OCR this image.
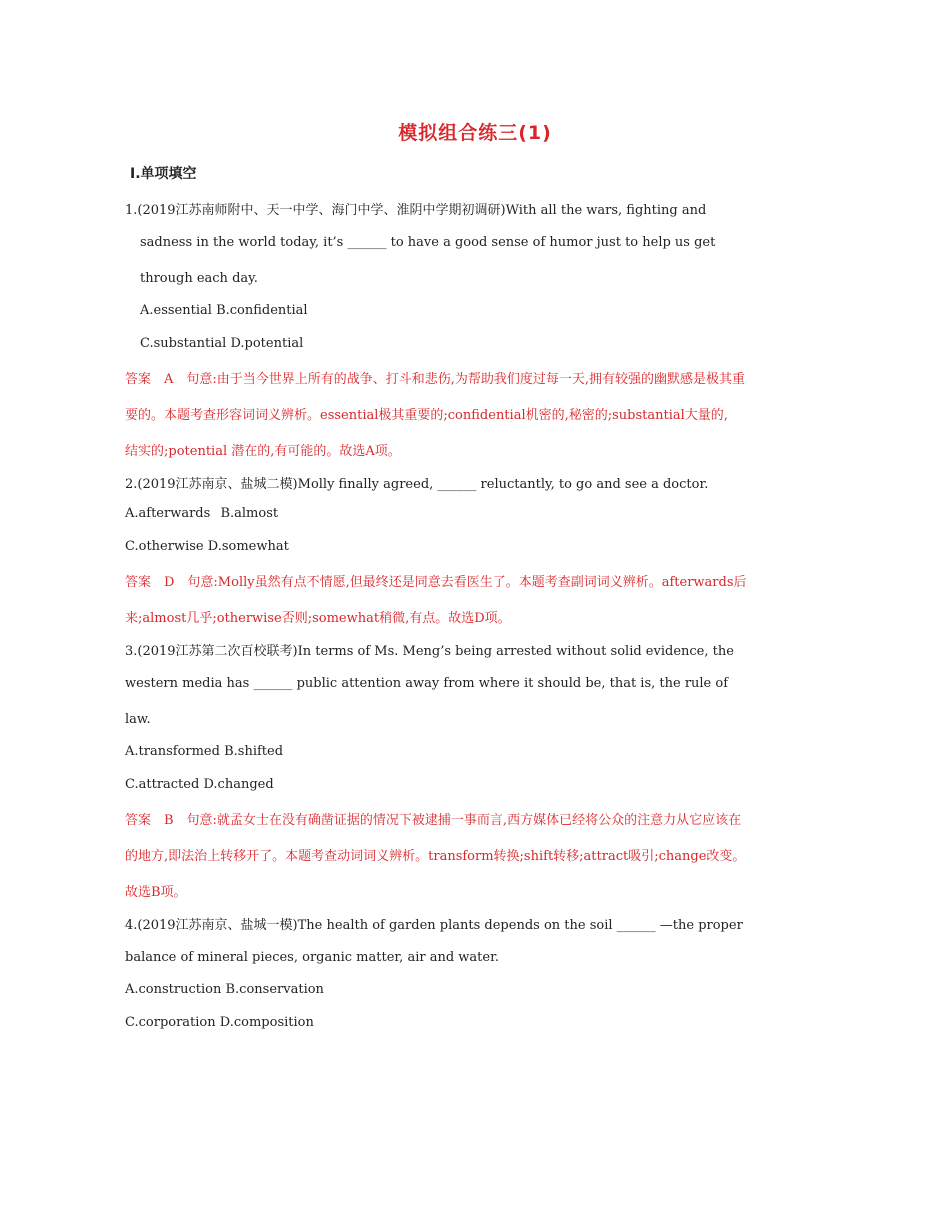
模拟组合练三(1)
Ⅰ.单项填空
1.(2019江苏南师附中、天一中学、海门中学、淮阴中学期初调研)With all the wars, fighting and
sadness in the world today, it’s ______ to have a good sense of humor just to help us get
through each day.
A.essential B.confidential
C.substantial D.potential
答案　A　句意:由于当今世界上所有的战争、打斗和悲伤,为帮助我们度过每一天,拥有较强的幽默感是极其重
要的。本题考查形容词词义辨析。essential极其重要的;confidential机密的,秘密的;substantial大量的,
结实的;potential 潜在的,有可能的。故选A项。
2.(2019江苏南京、盐城二模)Molly finally agreed, ______ reluctantly, to go and see a doctor.
A.afterwards B.almost
C.otherwise D.somewhat
答案　D　句意:Molly虽然有点不情愿,但最终还是同意去看医生了。本题考查副词词义辨析。afterwards后
来;almost几乎;otherwise否则;somewhat稍微,有点。故选D项。
3.(2019江苏第二次百校联考)In terms of Ms. Meng’s being arrested without solid evidence, the
western media has ______ public attention away from where it should be, that is, the rule of
law.
A.transformed B.shifted
C.attracted D.changed
答案　B　句意:就孟女士在没有确凿证据的情况下被逮捕一事而言,西方媒体已经将公众的注意力从它应该在
的地方,即法治上转移开了。本题考查动词词义辨析。transform转换;shift转移;attract吸引;change改变。
故选B项。
4.(2019江苏南京、盐城一模)The health of garden plants depends on the soil ______ —the proper
balance of mineral pieces, organic matter, air and water.
A.construction B.conservation
C.corporation D.composition
